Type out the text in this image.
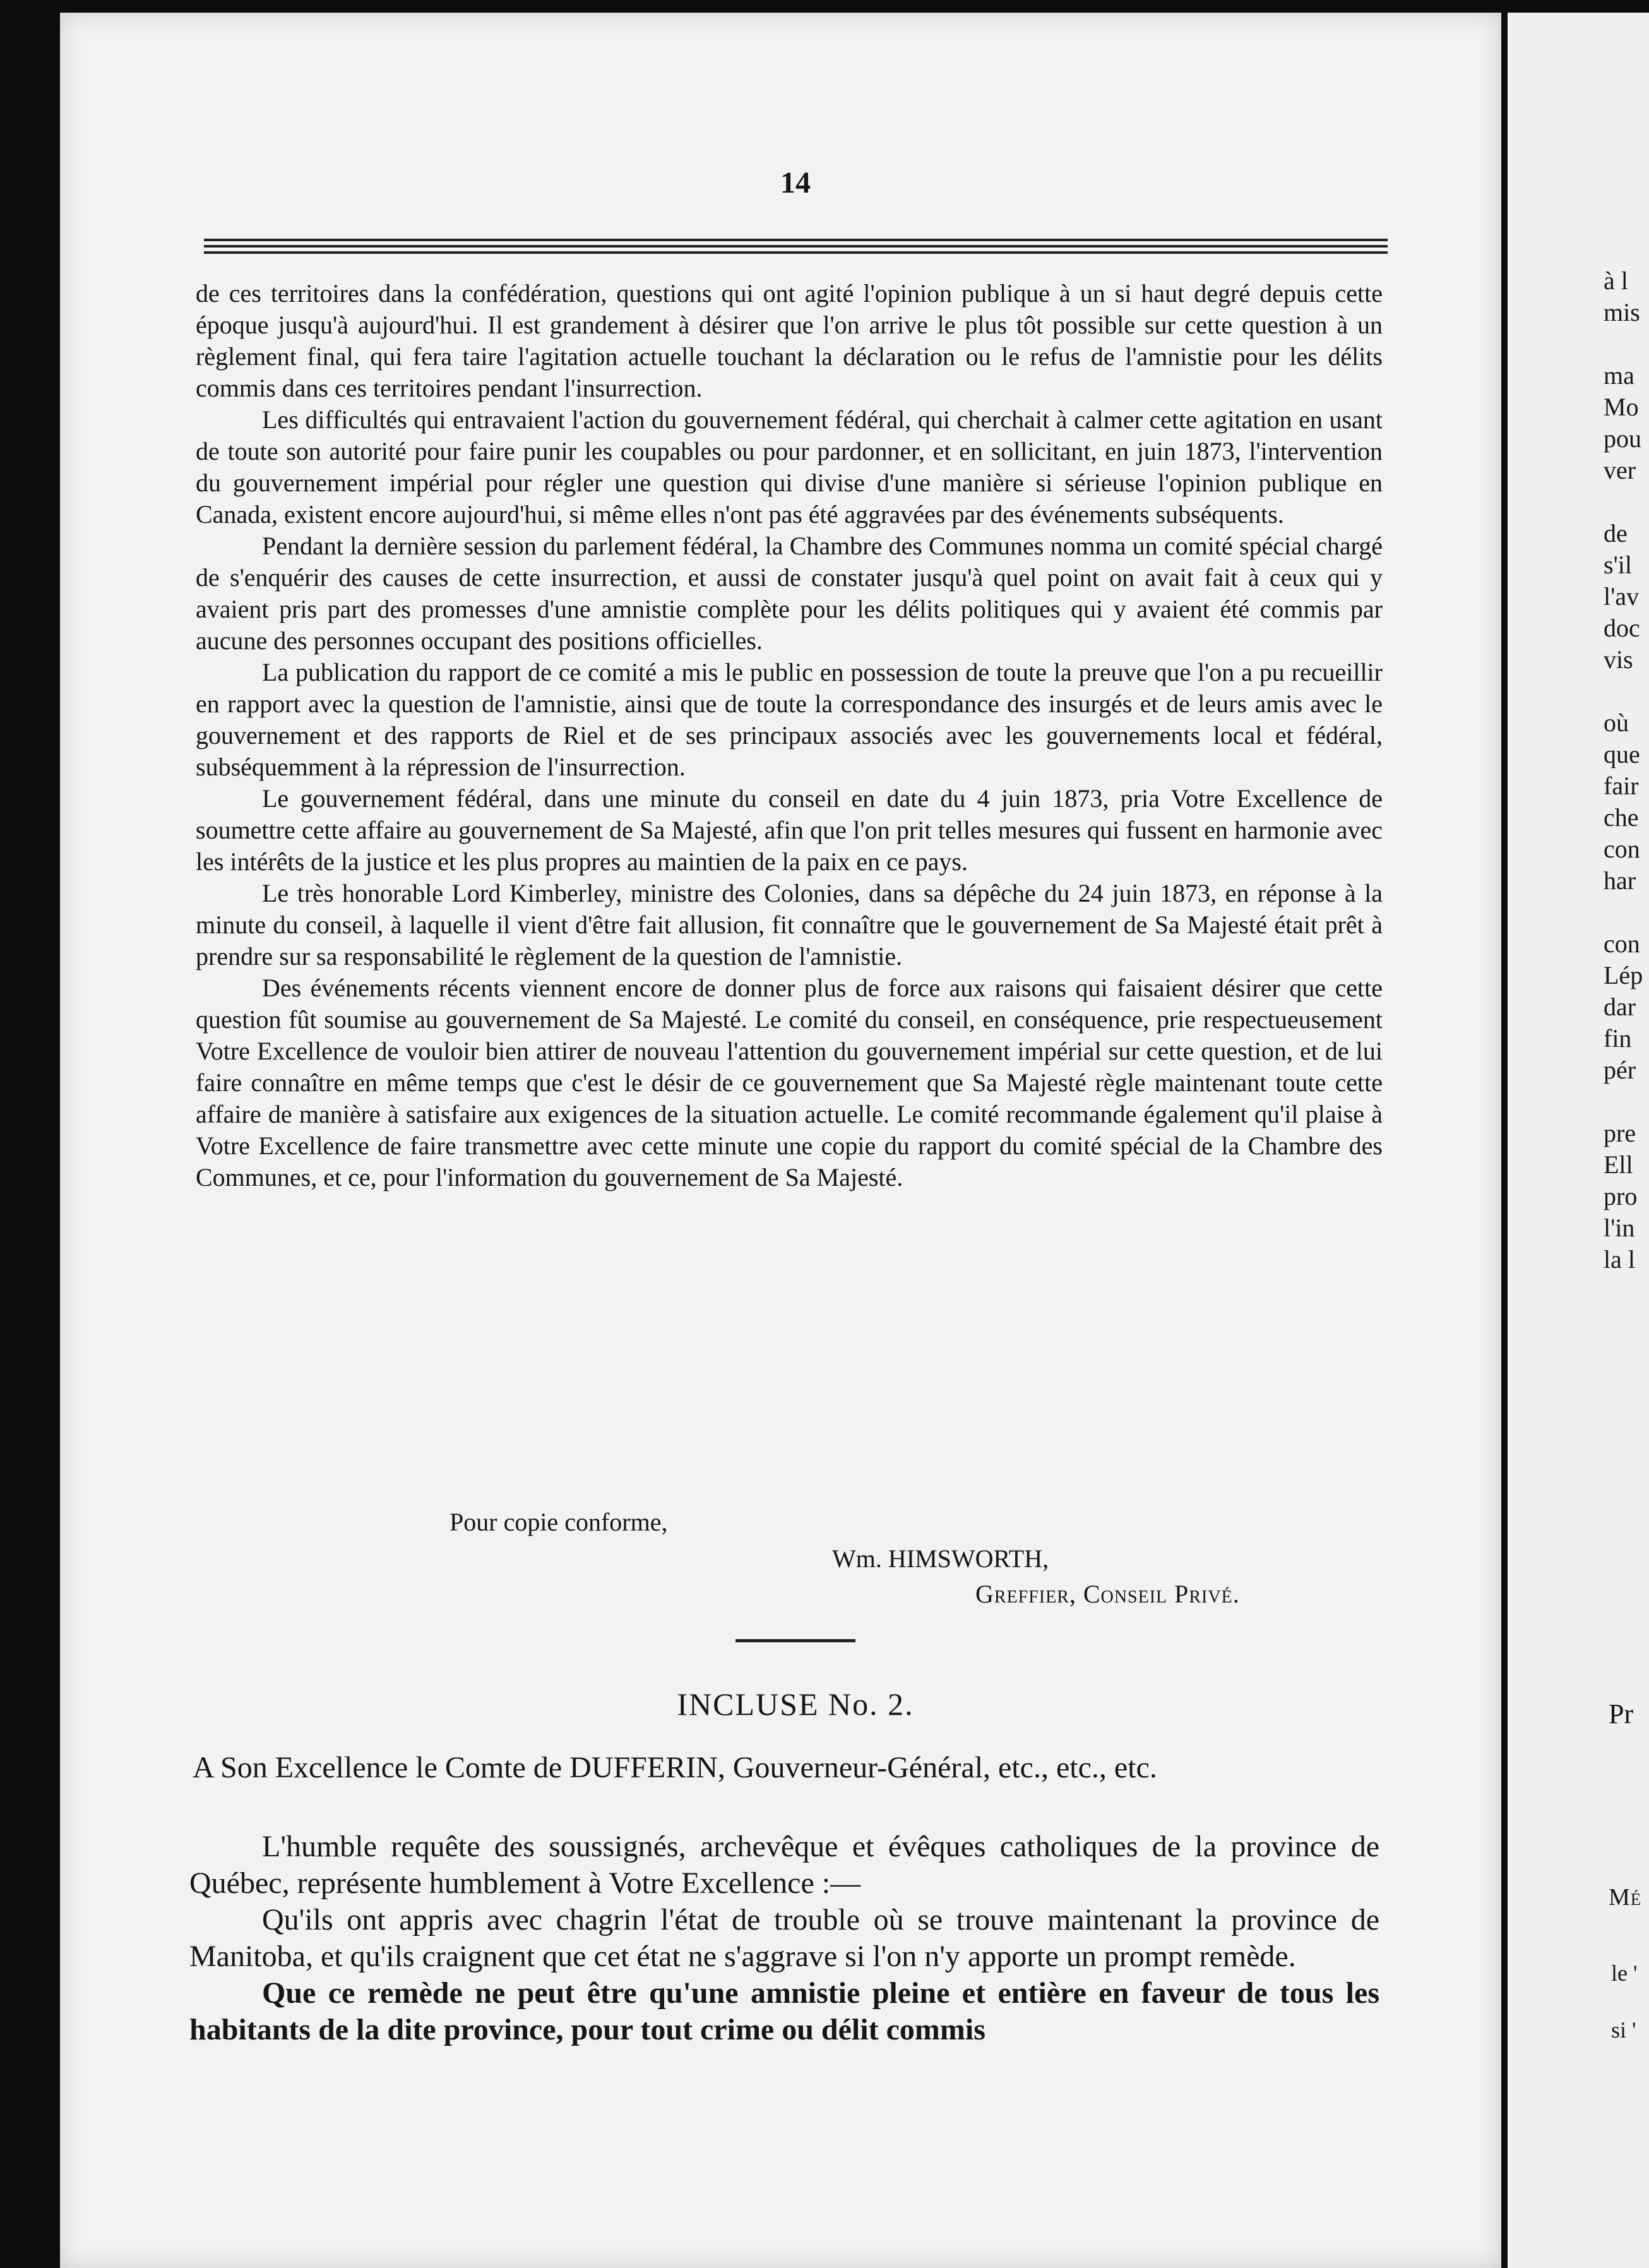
14

de ces territoires dans la confédération, questions qui ont agité l'opinion publique à un si haut degré depuis cette époque jusqu'à aujourd'hui. Il est grandement à désirer que l'on arrive le plus tôt possible sur cette question à un règlement final, qui fera taire l'agitation actuelle touchant la déclaration ou le refus de l'amnistie pour les délits commis dans ces territoires pendant l'insurrection.

Les difficultés qui entravaient l'action du gouvernement fédéral, qui cherchait à calmer cette agitation en usant de toute son autorité pour faire punir les coupables ou pour pardonner, et en sollicitant, en juin 1873, l'intervention du gouvernement impérial pour régler une question qui divise d'une manière si sérieuse l'opinion publique en Canada, existent encore aujourd'hui, si même elles n'ont pas été aggravées par des événements subséquents.

Pendant la dernière session du parlement fédéral, la Chambre des Communes nomma un comité spécial chargé de s'enquérir des causes de cette insurrection, et aussi de constater jusqu'à quel point on avait fait à ceux qui y avaient pris part des promesses d'une amnistie complète pour les délits politiques qui y avaient été commis par aucune des personnes occupant des positions officielles.

La publication du rapport de ce comité a mis le public en possession de toute la preuve que l'on a pu recueillir en rapport avec la question de l'amnistie, ainsi que de toute la correspondance des insurgés et de leurs amis avec le gouvernement et des rapports de Riel et de ses principaux associés avec les gouvernements local et fédéral, subséquemment à la répression de l'insurrection.

Le gouvernement fédéral, dans une minute du conseil en date du 4 juin 1873, pria Votre Excellence de soumettre cette affaire au gouvernement de Sa Majesté, afin que l'on prit telles mesures qui fussent en harmonie avec les intérêts de la justice et les plus propres au maintien de la paix en ce pays.

Le très honorable Lord Kimberley, ministre des Colonies, dans sa dépêche du 24 juin 1873, en réponse à la minute du conseil, à laquelle il vient d'être fait allusion, fit connaître que le gouvernement de Sa Majesté était prêt à prendre sur sa responsabilité le règlement de la question de l'amnistie.

Des événements récents viennent encore de donner plus de force aux raisons qui faisaient désirer que cette question fût soumise au gouvernement de Sa Majesté. Le comité du conseil, en conséquence, prie respectueusement Votre Excellence de vouloir bien attirer de nouveau l'attention du gouvernement impérial sur cette question, et de lui faire connaître en même temps que c'est le désir de ce gouvernement que Sa Majesté règle maintenant toute cette affaire de manière à satisfaire aux exigences de la situation actuelle. Le comité recommande également qu'il plaise à Votre Excellence de faire transmettre avec cette minute une copie du rapport du comité spécial de la Chambre des Communes, et ce, pour l'information du gouvernement de Sa Majesté.

Pour copie conforme,
Wm. HIMSWORTH,
Greffier, Conseil Privé.
INCLUSE No. 2.
A Son Excellence le Comte de DUFFERIN, Gouverneur-Général, etc., etc., etc.

L'humble requête des soussignés, archevêque et évêques catholiques de la province de Québec, représente humblement à Votre Excellence :—

Qu'ils ont appris avec chagrin l'état de trouble où se trouve maintenant la province de Manitoba, et qu'ils craignent que cet état ne s'aggrave si l'on n'y apporte un prompt remède.

Que ce remède ne peut être qu'une amnistie pleine et entière en faveur de tous les habitants de la dite province, pour tout crime ou délit commis

à l
mis
ma
Mo
pou
ver
de
s'il
l'av
doc
vis
où
que
fair
che
con
har
con
Lép
dar
fin
pér
pre
Ell
pro
l'in
la l
Pr
Mé
le '
si '
